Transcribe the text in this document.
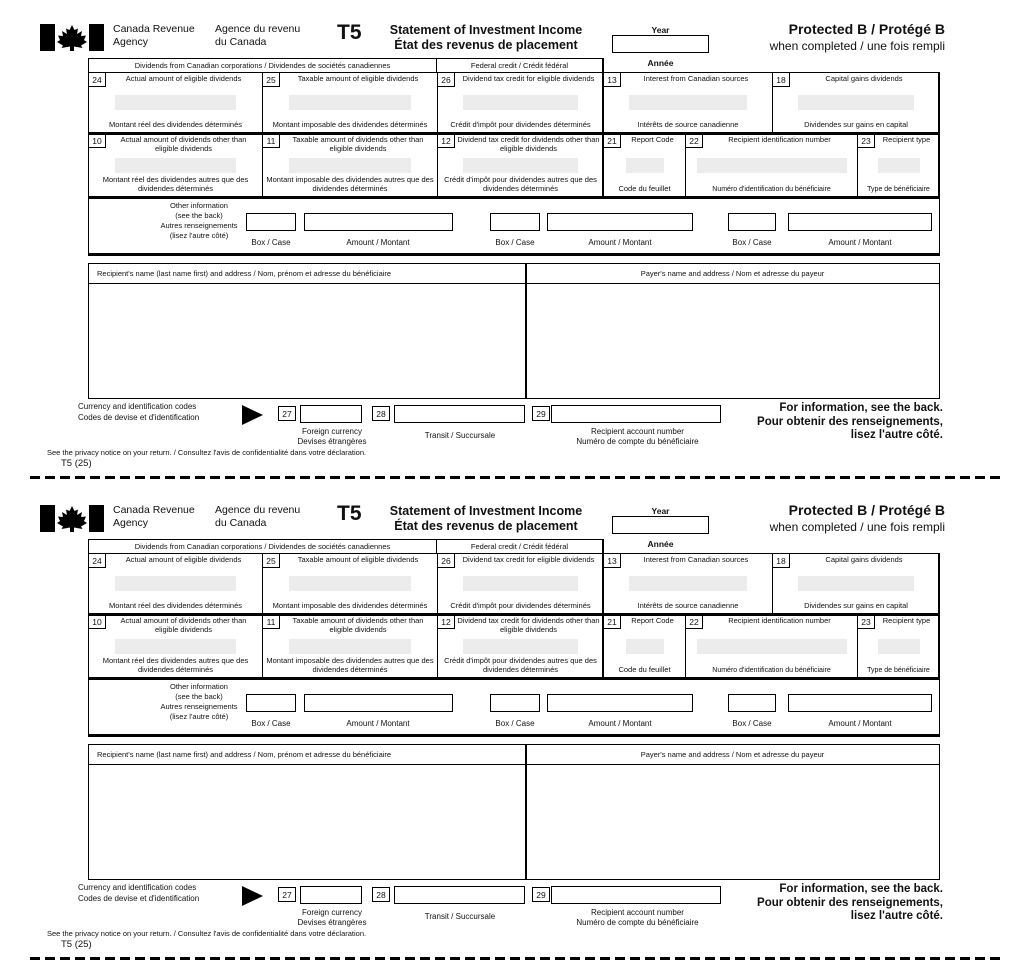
Canada Revenue
Agency
Agence du revenu
du Canada	T5	Statement of Investment Income
État des revenus de placement
Year
Année
Protected B / Protégé B
when completed / une fois rempli
Dividends from Canadian corporations / Dividendes de sociétés canadiennes	Federal credit / Crédit fédéral
24	Actual amount of eligible dividends
Montant réel des dividendes déterminés
25	Taxable amount of eligible dividends
Montant imposable des dividendes déterminés
26	Dividend tax credit for eligible dividends
Crédit d'impôt pour dividendes déterminés
13	Interest from Canadian sources
Intérêts de source canadienne
18	Capital gains dividends
Dividendes sur gains en capital
10	Actual amount of dividends other than eligible dividends
Montant réel des dividendes autres que des dividendes déterminés
11	Taxable amount of dividends other than eligible dividends
Montant imposable des dividendes autres que des dividendes déterminés
12 Dividend tax credit for dividends other than eligible dividends
Crédit d'impôt pour dividendes autres que des dividendes déterminés
21	Report Code
Code du feuillet
22	Recipient identification number
Numéro d'identification du bénéficiaire
23	Recipient type
Type de bénéficiaire
Other information
(see the back)
Autres renseignements
(lisez l'autre côté)
Box / Case	Amount / Montant	Box / Case	Amount / Montant	Box / Case	Amount / Montant
Recipient's name (last name first) and address / Nom, prénom et adresse du bénéficiaire	Payer's name and address / Nom et adresse du payeur
Currency and identification codes
Codes de devise et d'identification	27	28	29
Foreign currency
Devises étrangères
Transit / Succursale	Recipient account number
Numéro de compte du bénéficiaire
For information, see the back.
Pour obtenir des renseignements,
lisez l'autre côté.
See the privacy notice on your return. / Consultez l'avis de confidentialité dans votre déclaration.
T5 (25)
Canada Revenue
Agency
Agence du revenu
du Canada	T5	Statement of Investment Income
État des revenus de placement
Year
Année
Protected B / Protégé B
when completed / une fois rempli
Dividends from Canadian corporations / Dividendes de sociétés canadiennes	Federal credit / Crédit fédéral
24	Actual amount of eligible dividends
Montant réel des dividendes déterminés
25	Taxable amount of eligible dividends
Montant imposable des dividendes déterminés
26	Dividend tax credit for eligible dividends
Crédit d'impôt pour dividendes déterminés
13	Interest from Canadian sources
Intérêts de source canadienne
18	Capital gains dividends
Dividendes sur gains en capital
10	Actual amount of dividends other than eligible dividends
Montant réel des dividendes autres que des dividendes déterminés
11	Taxable amount of dividends other than eligible dividends
Montant imposable des dividendes autres que des dividendes déterminés
12 Dividend tax credit for dividends other than eligible dividends
Crédit d'impôt pour dividendes autres que des dividendes déterminés
21	Report Code
Code du feuillet
22	Recipient identification number
Numéro d'identification du bénéficiaire
23	Recipient type
Type de bénéficiaire
Other information
(see the back)
Autres renseignements
(lisez l'autre côté)
Box / Case	Amount / Montant	Box / Case	Amount / Montant	Box / Case	Amount / Montant
Recipient's name (last name first) and address / Nom, prénom et adresse du bénéficiaire	Payer's name and address / Nom et adresse du payeur
Currency and identification codes
Codes de devise et d'identification	27	28	29
Foreign currency
Devises étrangères
Transit / Succursale	Recipient account number
Numéro de compte du bénéficiaire
For information, see the back.
Pour obtenir des renseignements,
lisez l'autre côté.
See the privacy notice on your return. / Consultez l'avis de confidentialité dans votre déclaration.
T5 (25)
